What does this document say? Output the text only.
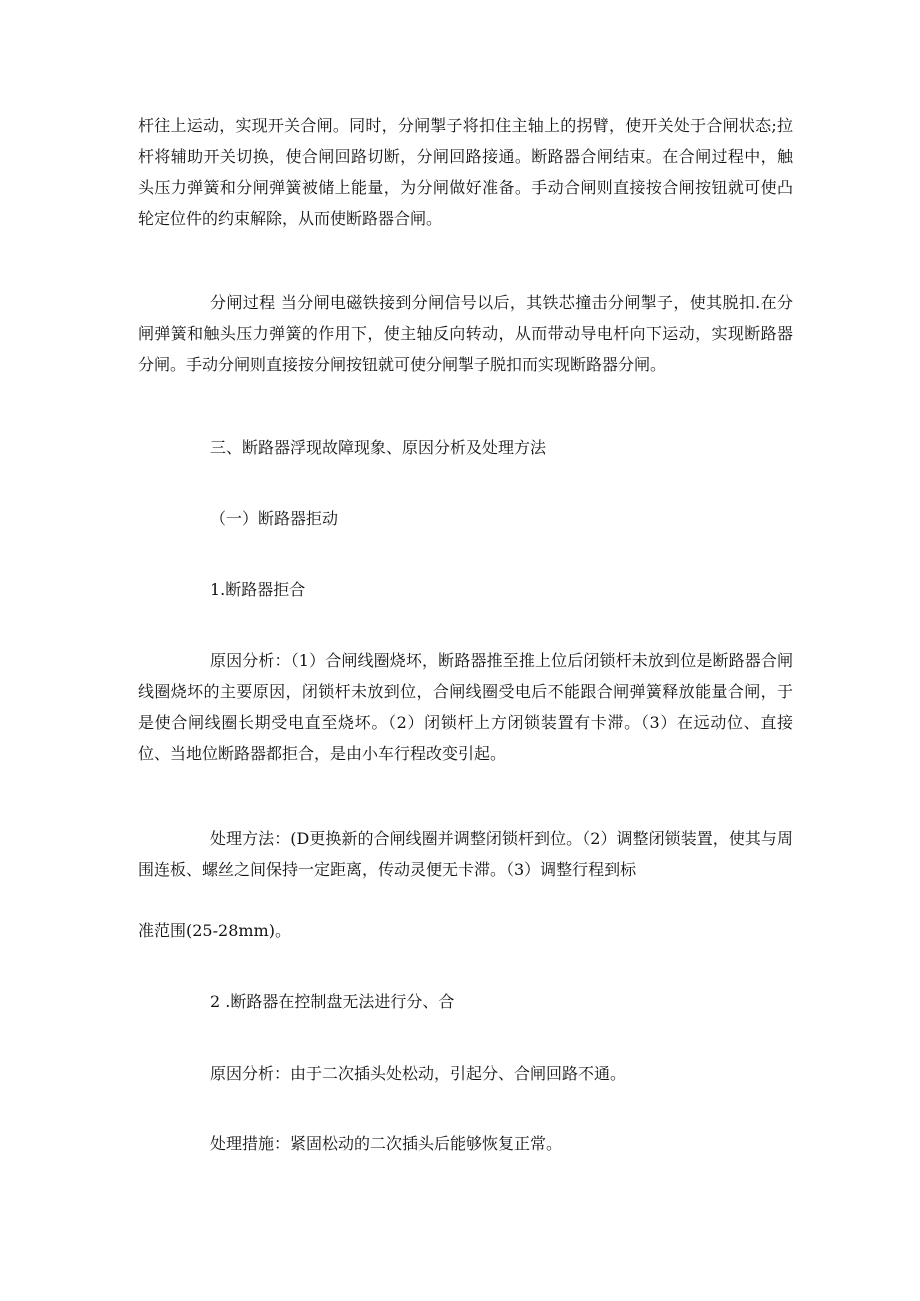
杆往上运动，实现开关合闸。同时，分闸掣子将扣住主轴上的拐臂，使开关处于合闸状态;拉杆将辅助开关切换，使合闸回路切断，分闸回路接通。断路器合闸结束。在合闸过程中，触头压力弹簧和分闸弹簧被储上能量，为分闸做好准备。手动合闸则直接按合闸按钮就可使凸轮定位件的约束解除，从而使断路器合闸。

分闸过程 当分闸电磁铁接到分闸信号以后，其铁芯撞击分闸掣子，使其脱扣.在分闸弹簧和触头压力弹簧的作用下，使主轴反向转动，从而带动导电杆向下运动，实现断路器分闸。手动分闸则直接按分闸按钮就可使分闸掣子脱扣而实现断路器分闸。

三、断路器浮现故障现象、原因分析及处理方法

（一）断路器拒动

1.断路器拒合

原因分析：（1）合闸线圈烧坏，断路器推至推上位后闭锁杆未放到位是断路器合闸线圈烧坏的主要原因，闭锁杆未放到位，合闸线圈受电后不能跟合闸弹簧释放能量合闸，于是使合闸线圈长期受电直至烧坏。（2）闭锁杆上方闭锁装置有卡滞。（3）在远动位、直接位、当地位断路器都拒合，是由小车行程改变引起。

处理方法：(D更换新的合闸线圈并调整闭锁杆到位。（2）调整闭锁装置，使其与周围连板、螺丝之间保持一定距离，传动灵便无卡滞。（3）调整行程到标

准范围(25-28mm)。

2 .断路器在控制盘无法进行分、合

原因分析：由于二次插头处松动，引起分、合闸回路不通。

处理措施：紧固松动的二次插头后能够恢复正常。
